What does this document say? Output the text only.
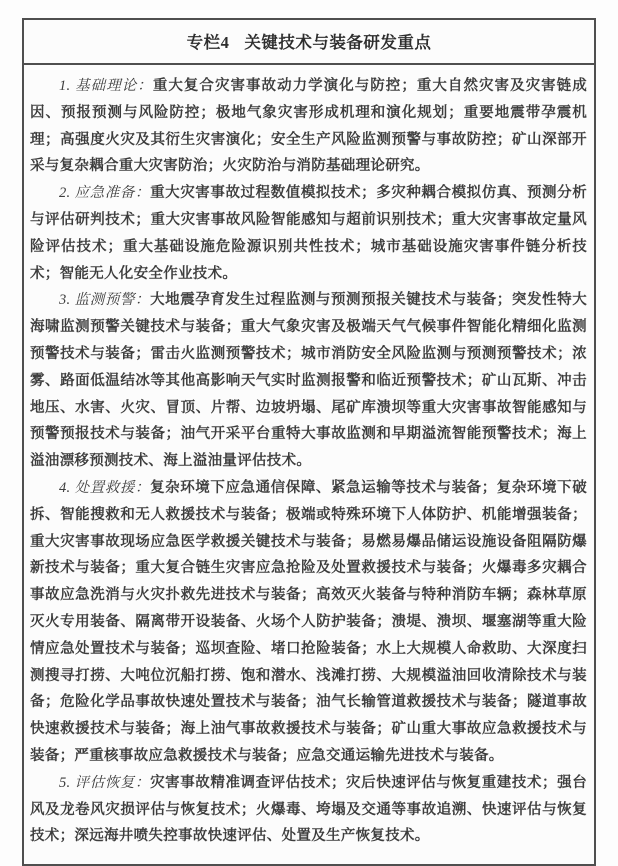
专栏4 关键技术与装备研发重点

1. 基础理论：重大复合灾害事故动力学演化与防控；重大自然灾害及灾害链成因、预报预测与风险防控；极地气象灾害形成机理和演化规划；重要地震带孕震机理；高强度火灾及其衍生灾害演化；安全生产风险监测预警与事故防控；矿山深部开采与复杂耦合重大灾害防治；火灾防治与消防基础理论研究。

2. 应急准备：重大灾害事故过程数值模拟技术；多灾种耦合模拟仿真、预测分析与评估研判技术；重大灾害事故风险智能感知与超前识别技术；重大灾害事故定量风险评估技术；重大基础设施危险源识别共性技术；城市基础设施灾害事件链分析技术；智能无人化安全作业技术。

3. 监测预警：大地震孕育发生过程监测与预测预报关键技术与装备；突发性特大海啸监测预警关键技术与装备；重大气象灾害及极端天气气候事件智能化精细化监测预警技术与装备；雷击火监测预警技术；城市消防安全风险监测与预测预警技术；浓雾、路面低温结冰等其他高影响天气实时监测报警和临近预警技术；矿山瓦斯、冲击地压、水害、火灾、冒顶、片帮、边坡坍塌、尾矿库溃坝等重大灾害事故智能感知与预警预报技术与装备；油气开采平台重特大事故监测和早期溢流智能预警技术；海上溢油漂移预测技术、海上溢油量评估技术。

4. 处置救援：复杂环境下应急通信保障、紧急运输等技术与装备；复杂环境下破拆、智能搜救和无人救援技术与装备；极端或特殊环境下人体防护、机能增强装备；重大灾害事故现场应急医学救援关键技术与装备；易燃易爆品储运设施设备阻隔防爆新技术与装备；重大复合链生灾害应急抢险及处置救援技术与装备；火爆毒多灾耦合事故应急洗消与火灾扑救先进技术与装备；高效灭火装备与特种消防车辆；森林草原灭火专用装备、隔离带开设装备、火场个人防护装备；溃堤、溃坝、堰塞湖等重大险情应急处置技术与装备；巡坝查险、堵口抢险装备；水上大规模人命救助、大深度扫测搜寻打捞、大吨位沉船打捞、饱和潜水、浅滩打捞、大规模溢油回收清除技术与装备；危险化学品事故快速处置技术与装备；油气长输管道救援技术与装备；隧道事故快速救援技术与装备；海上油气事故救援技术与装备；矿山重大事故应急救援技术与装备；严重核事故应急救援技术与装备；应急交通运输先进技术与装备。

5. 评估恢复：灾害事故精准调查评估技术；灾后快速评估与恢复重建技术；强台风及龙卷风灾损评估与恢复技术；火爆毒、垮塌及交通等事故追溯、快速评估与恢复技术；深远海井喷失控事故快速评估、处置及生产恢复技术。
